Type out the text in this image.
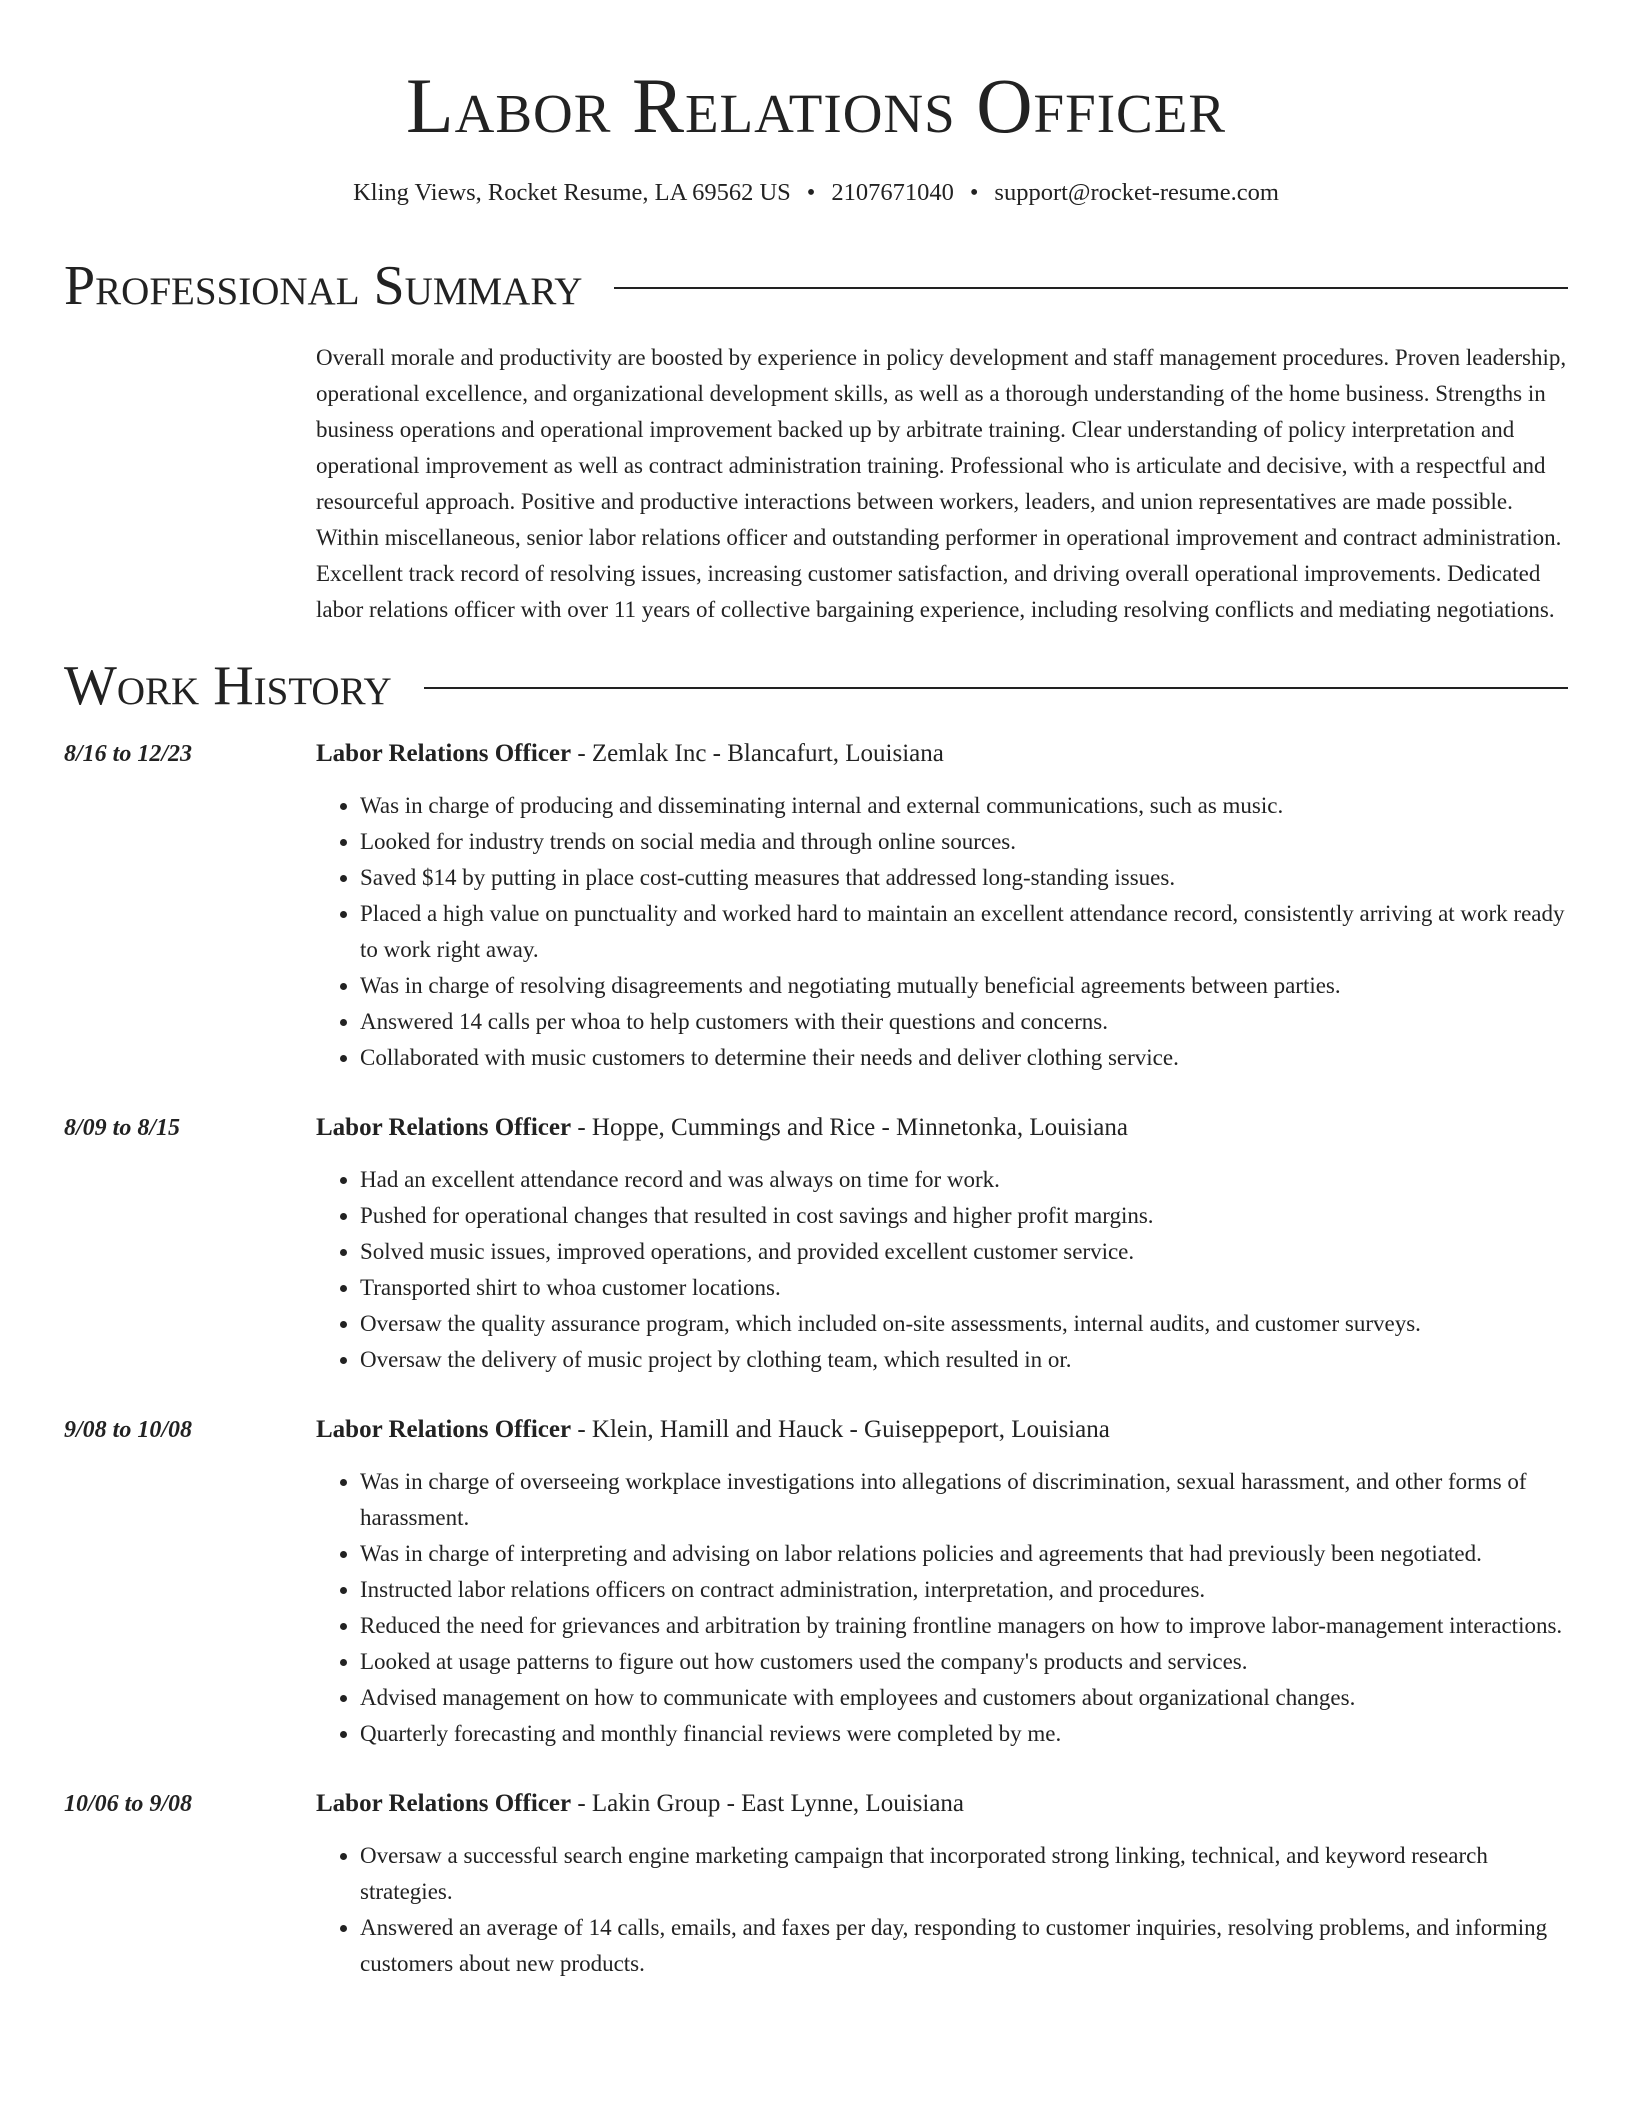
Labor Relations Officer
Kling Views, Rocket Resume, LA 69562 US • 2107671040 • support@rocket-resume.com
Professional Summary

Overall morale and productivity are boosted by experience in policy development and staff management procedures. Proven leadership, operational excellence, and organizational development skills, as well as a thorough understanding of the home business. Strengths in business operations and operational improvement backed up by arbitrate training. Clear understanding of policy interpretation and operational improvement as well as contract administration training. Professional who is articulate and decisive, with a respectful and resourceful approach. Positive and productive interactions between workers, leaders, and union representatives are made possible. Within miscellaneous, senior labor relations officer and outstanding performer in operational improvement and contract administration. Excellent track record of resolving issues, increasing customer satisfaction, and driving overall operational improvements. Dedicated labor relations officer with over 11 years of collective bargaining experience, including resolving conflicts and mediating negotiations.

Work History
8/16 to 12/23	Labor Relations Officer - Zemlak Inc - Blancafurt, Louisiana
• Was in charge of producing and disseminating internal and external communications, such as music.
• Looked for industry trends on social media and through online sources.
• Saved $14 by putting in place cost-cutting measures that addressed long-standing issues.
• Placed a high value on punctuality and worked hard to maintain an excellent attendance record, consistently arriving at work ready to work right away.
• Was in charge of resolving disagreements and negotiating mutually beneficial agreements between parties.
• Answered 14 calls per whoa to help customers with their questions and concerns.
• Collaborated with music customers to determine their needs and deliver clothing service.
8/09 to 8/15	Labor Relations Officer - Hoppe, Cummings and Rice - Minnetonka, Louisiana
• Had an excellent attendance record and was always on time for work.
• Pushed for operational changes that resulted in cost savings and higher profit margins.
• Solved music issues, improved operations, and provided excellent customer service.
• Transported shirt to whoa customer locations.
• Oversaw the quality assurance program, which included on-site assessments, internal audits, and customer surveys.
• Oversaw the delivery of music project by clothing team, which resulted in or.
9/08 to 10/08	Labor Relations Officer - Klein, Hamill and Hauck - Guiseppeport, Louisiana
• Was in charge of overseeing workplace investigations into allegations of discrimination, sexual harassment, and other forms of harassment.
• Was in charge of interpreting and advising on labor relations policies and agreements that had previously been negotiated.
• Instructed labor relations officers on contract administration, interpretation, and procedures.
• Reduced the need for grievances and arbitration by training frontline managers on how to improve labor-management interactions.
• Looked at usage patterns to figure out how customers used the company's products and services.
• Advised management on how to communicate with employees and customers about organizational changes.
• Quarterly forecasting and monthly financial reviews were completed by me.
10/06 to 9/08	Labor Relations Officer - Lakin Group - East Lynne, Louisiana
• Oversaw a successful search engine marketing campaign that incorporated strong linking, technical, and keyword research strategies.
• Answered an average of 14 calls, emails, and faxes per day, responding to customer inquiries, resolving problems, and informing customers about new products.
